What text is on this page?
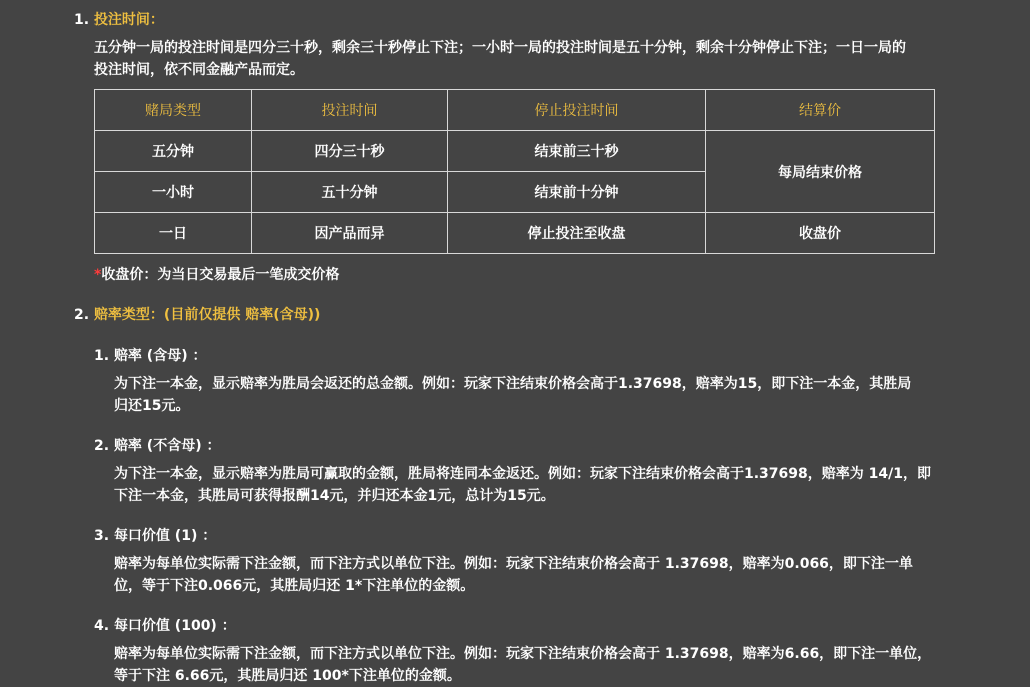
1. 投注时间：
五分钟一局的投注时间是四分三十秒，剩余三十秒停止下注；一小时一局的投注时间是五十分钟，剩余十分钟停止下注；一日一局的投注时间，依不同金融产品而定。
赌局类型	投注时间	停止投注时间	结算价
五分钟	四分三十秒	结束前三十秒	每局结束价格
一小时	五十分钟	结束前十分钟	
一日	因产品而异	停止投注至收盘	收盘价
*收盘价：为当日交易最后一笔成交价格
2. 赔率类型：(目前仅提供 赔率(含母))
1. 赔率 (含母) ：
为下注一本金，显示赔率为胜局会返还的总金额。例如：玩家下注结束价格会高于1.37698，赔率为15，即下注一本金，其胜局归还15元。
2. 赔率 (不含母) ：
为下注一本金，显示赔率为胜局可赢取的金额，胜局将连同本金返还。例如：玩家下注结束价格会高于1.37698，赔率为 14/1，即下注一本金，其胜局可获得报酬14元，并归还本金1元，总计为15元。
3. 每口价值 (1) ：
赔率为每单位实际需下注金额，而下注方式以单位下注。例如：玩家下注结束价格会高于 1.37698，赔率为0.066，即下注一单位，等于下注0.066元，其胜局归还 1*下注单位的金额。
4. 每口价值 (100) ：
赔率为每单位实际需下注金额，而下注方式以单位下注。例如：玩家下注结束价格会高于 1.37698，赔率为6.66，即下注一单位，等于下注 6.66元，其胜局归还 100*下注单位的金额。
